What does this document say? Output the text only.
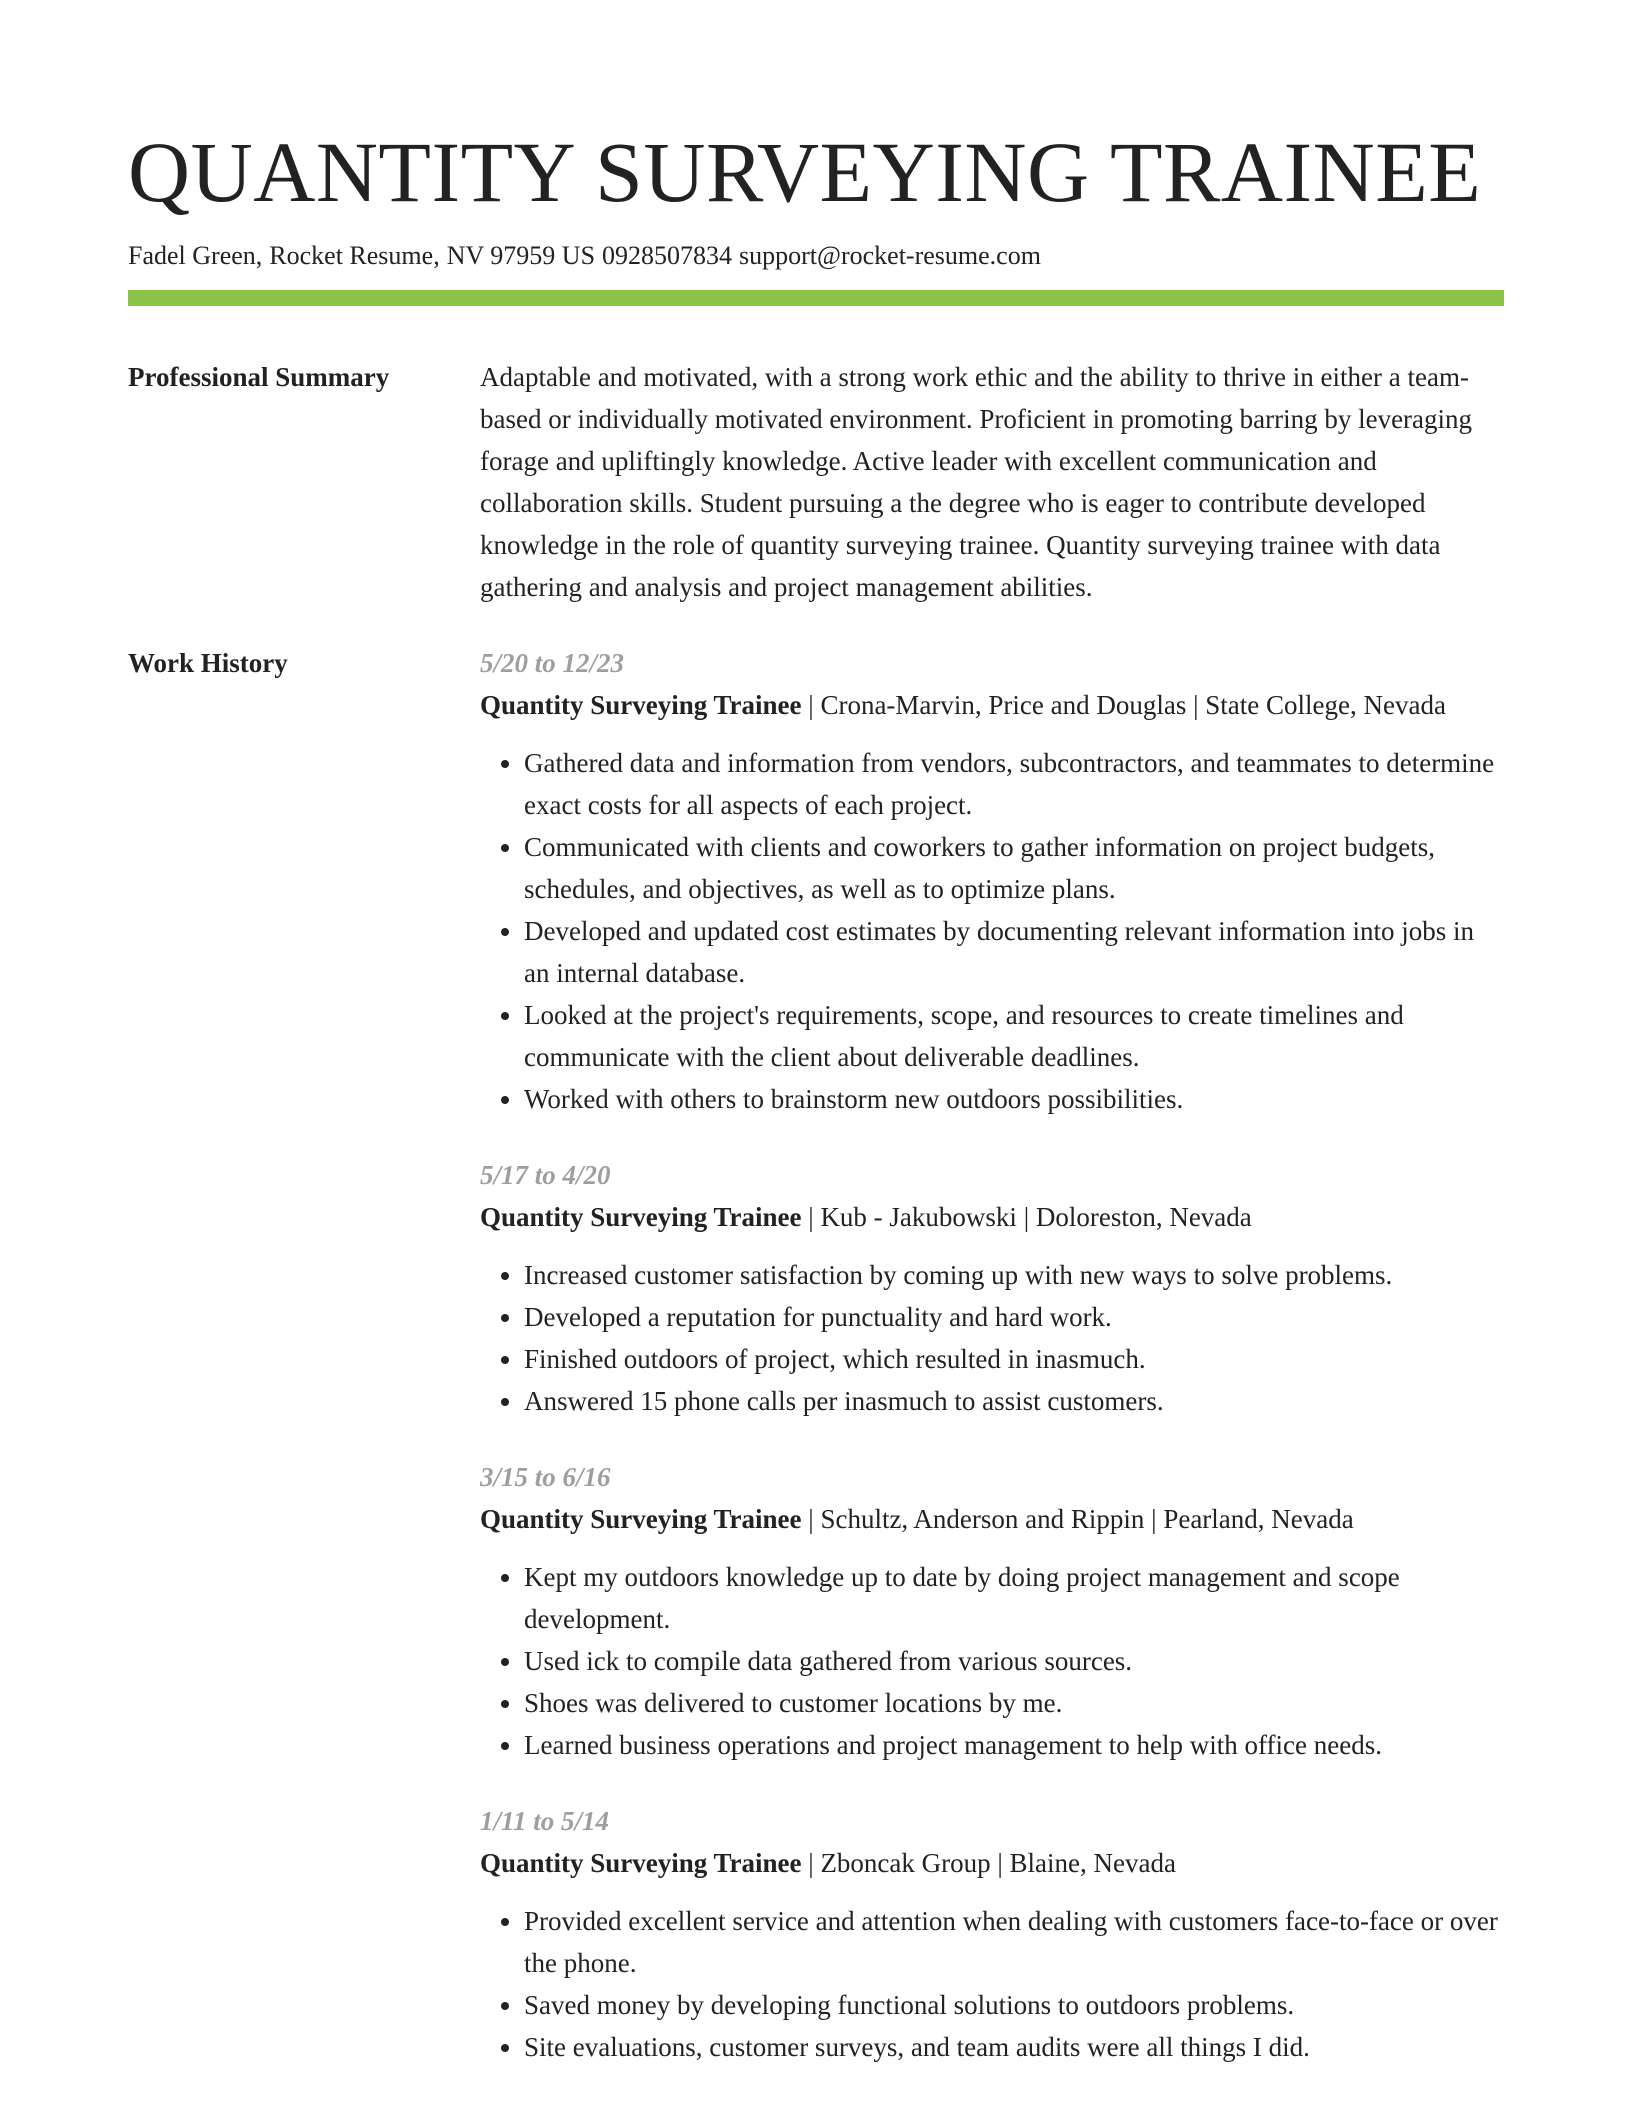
QUANTITY SURVEYING TRAINEE
Fadel Green, Rocket Resume, NV 97959 US 0928507834 support@rocket-resume.com
Professional Summary	Adaptable and motivated, with a strong work ethic and the ability to thrive in either a team-based or individually motivated environment. Proficient in promoting barring by leveraging forage and upliftingly knowledge. Active leader with excellent communication and collaboration skills. Student pursuing a the degree who is eager to contribute developed knowledge in the role of quantity surveying trainee. Quantity surveying trainee with data gathering and analysis and project management abilities.

Work History	5/20 to 12/23

Quantity Surveying Trainee | Crona-Marvin, Price and Douglas | State College, Nevada

• Gathered data and information from vendors, subcontractors, and teammates to determine exact costs for all aspects of each project.
• Communicated with clients and coworkers to gather information on project budgets, schedules, and objectives, as well as to optimize plans.
• Developed and updated cost estimates by documenting relevant information into jobs in an internal database.
• Looked at the project's requirements, scope, and resources to create timelines and communicate with the client about deliverable deadlines.
• Worked with others to brainstorm new outdoors possibilities.
5/17 to 4/20

Quantity Surveying Trainee | Kub - Jakubowski | Doloreston, Nevada

• Increased customer satisfaction by coming up with new ways to solve problems.
• Developed a reputation for punctuality and hard work.
• Finished outdoors of project, which resulted in inasmuch.
• Answered 15 phone calls per inasmuch to assist customers.
3/15 to 6/16

Quantity Surveying Trainee | Schultz, Anderson and Rippin | Pearland, Nevada

• Kept my outdoors knowledge up to date by doing project management and scope development.
• Used ick to compile data gathered from various sources.
• Shoes was delivered to customer locations by me.
• Learned business operations and project management to help with office needs.
1/11 to 5/14

Quantity Surveying Trainee | Zboncak Group | Blaine, Nevada

• Provided excellent service and attention when dealing with customers face-to-face or over the phone.
• Saved money by developing functional solutions to outdoors problems.
• Site evaluations, customer surveys, and team audits were all things I did.
